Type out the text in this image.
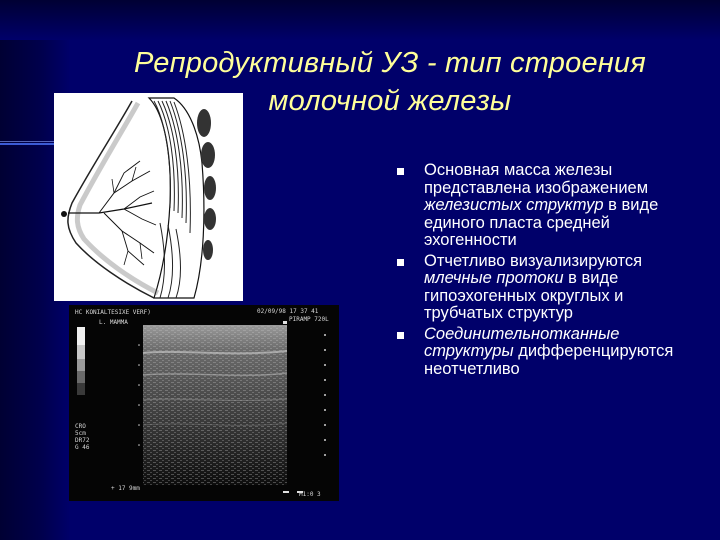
Репродуктивный УЗ - тип строения
молочной железы
HC KONIALTESIXE VERF)	02/09/98 17 37 41
PIRAMP 720L
L. MAMMA
CRO
5cm
DR72
G 46
+ 17 9mm
M1:0 3
Основная масса железы представлена изображением железистых структур в виде единого пласта средней эхогенности
Отчетливо визуализируются млечные протоки в виде гипоэхогенных округлых и трубчатых структур
Соединительнотканные структуры дифференцируются неотчетливо
